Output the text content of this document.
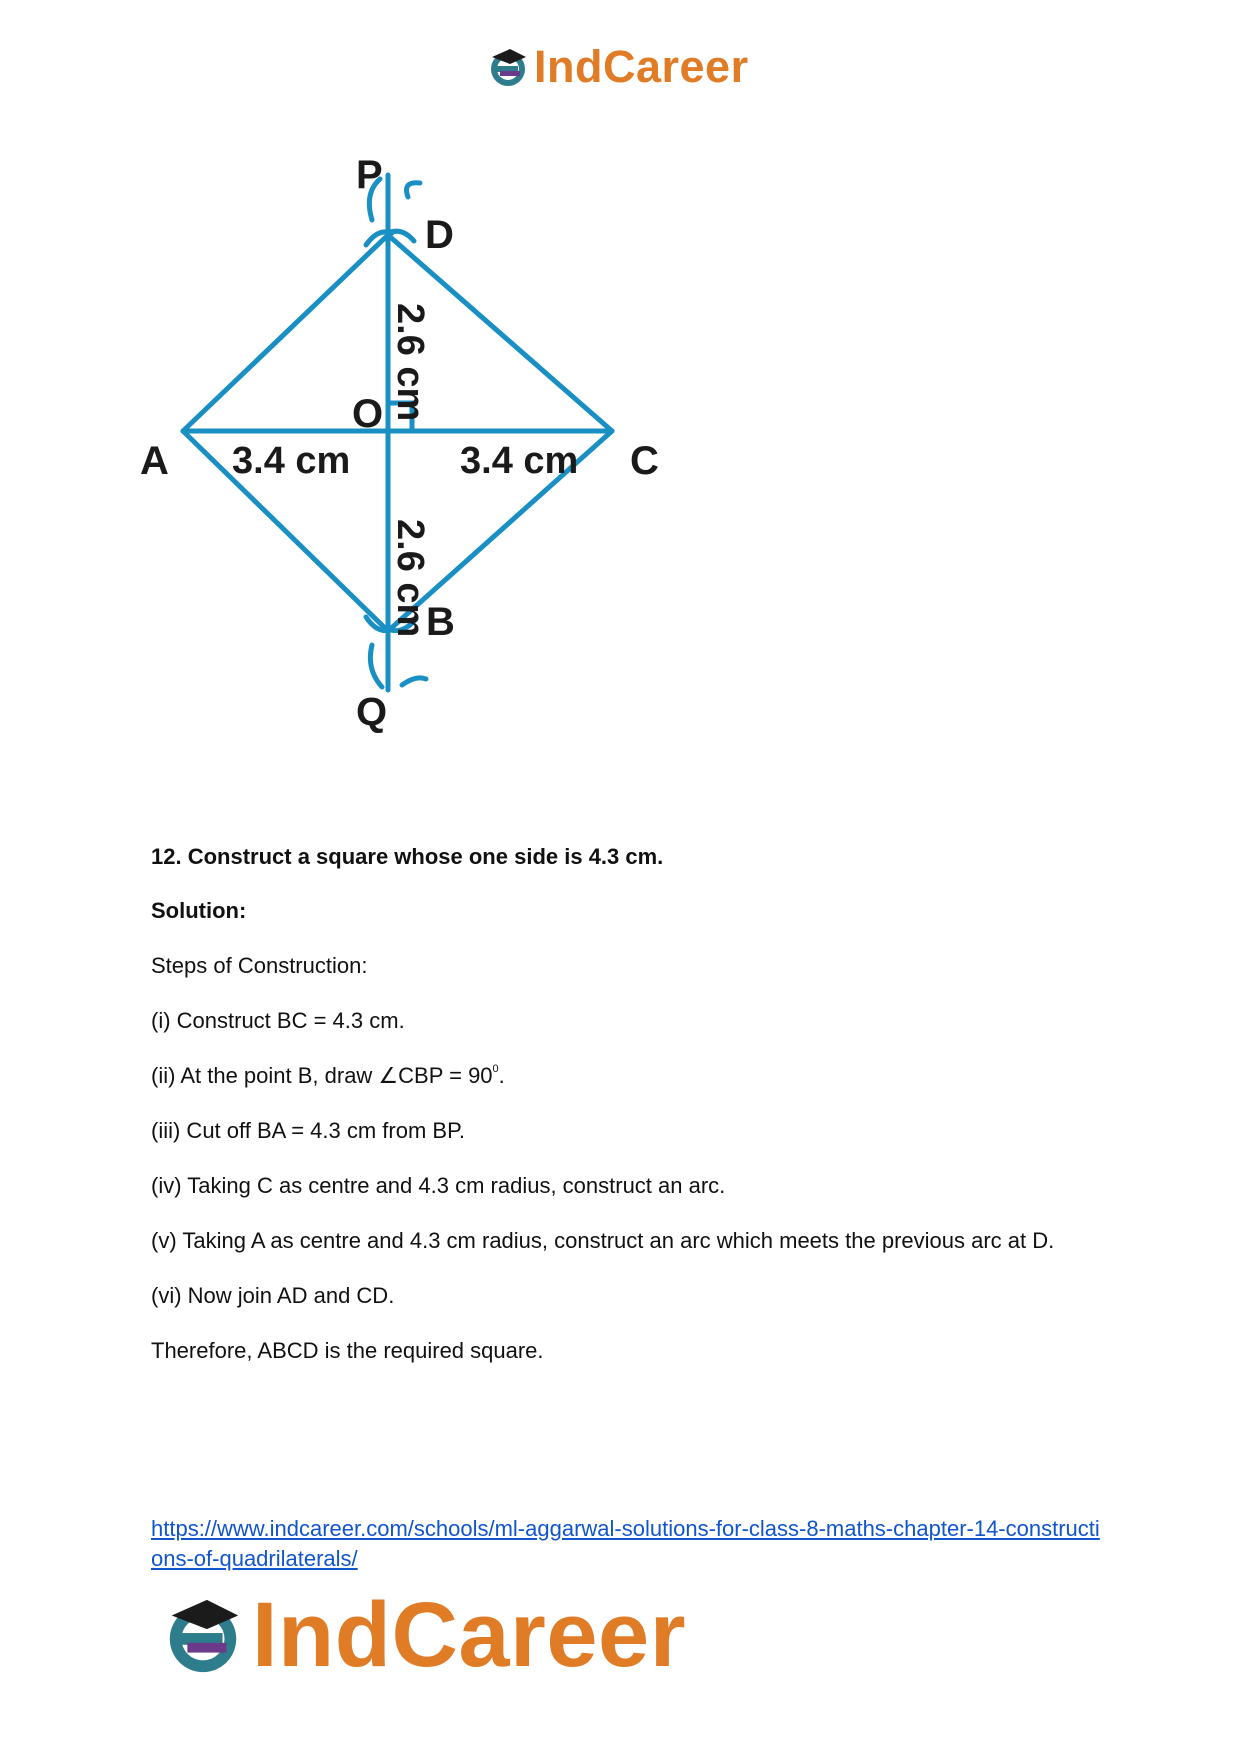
IndCareer
P
D
O
A	C
B
Q
3.4 cm	3.4 cm
2.6 cm
2.6 cm

12. Construct a square whose one side is 4.3 cm.

Solution:

Steps of Construction:

(i) Construct BC = 4.3 cm.

(ii) At the point B, draw ∠CBP = $90^0$.

(iii) Cut off BA = 4.3 cm from BP.

(iv) Taking C as centre and 4.3 cm radius, construct an arc.

(v) Taking A as centre and 4.3 cm radius, construct an arc which meets the previous arc at D.

(vi) Now join AD and CD.

Therefore, ABCD is the required square.

https://www.indcareer.com/schools/ml-aggarwal-solutions-for-class-8-maths-chapter-14-constructions-of-quadrilaterals/
IndCareer
